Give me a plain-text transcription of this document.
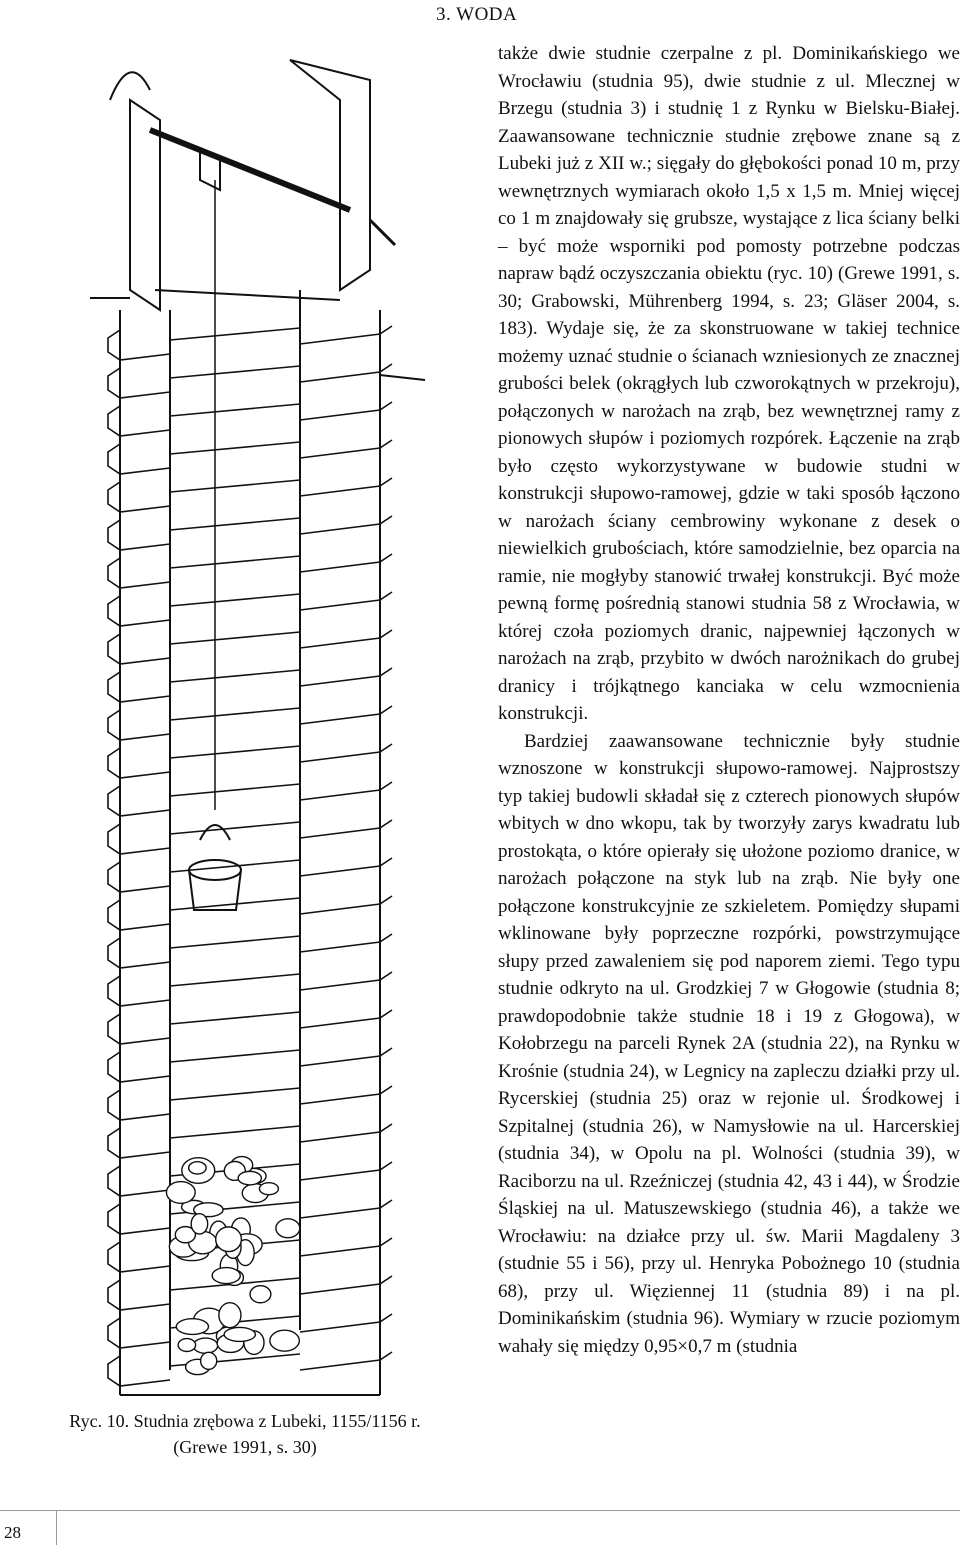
3. WODA
Ryc. 10. Studnia zrębowa z Lubeki, 1155/1156 r.
(Grewe 1991, s. 30)

także dwie studnie czerpalne z pl. Dominikańskiego we Wrocławiu (studnia 95), dwie studnie z ul. Mlecznej w Brzegu (studnia 3) i studnię 1 z Rynku w Bielsku-Białej. Zaawansowane technicznie studnie zrębowe znane są z Lubeki już z XII w.; sięgały do głębokości ponad 10 m, przy wewnętrznych wymiarach około 1,5 x 1,5 m. Mniej więcej co 1 m znajdowały się grubsze, wystające z lica ściany belki – być może wsporniki pod pomosty potrzebne podczas napraw bądź oczyszczania obiektu (ryc. 10) (Grewe 1991, s. 30; Grabowski, Mührenberg 1994, s. 23; Gläser 2004, s. 183). Wydaje się, że za skonstruowane w takiej technice możemy uznać studnie o ścianach wzniesionych ze znacznej grubości belek (okrągłych lub czworokątnych w przekroju), połączonych w narożach na zrąb, bez wewnętrznej ramy z pionowych słupów i poziomych rozpórek. Łączenie na zrąb było często wykorzystywane w budowie studni w konstrukcji słupowo-ramowej, gdzie w taki sposób łączono w narożach ściany cembrowiny wykonane z desek o niewielkich grubościach, które samodzielnie, bez oparcia na ramie, nie mogłyby stanowić trwałej konstrukcji. Być może pewną formę pośrednią stanowi studnia 58 z Wrocławia, w której czoła poziomych dranic, najpewniej łączonych w narożach na zrąb, przybito w dwóch narożnikach do grubej dranicy i trójkątnego kanciaka w celu wzmocnienia konstrukcji.

Bardziej zaawansowane technicznie były studnie wznoszone w konstrukcji słupowo-ramowej. Najprostszy typ takiej budowli składał się z czterech pionowych słupów wbitych w dno wkopu, tak by tworzyły zarys kwadratu lub prostokąta, o które opierały się ułożone poziomo dranice, w narożach połączone na styk lub na zrąb. Nie były one połączone konstrukcyjnie ze szkieletem. Pomiędzy słupami wklinowane były poprzeczne rozpórki, powstrzymujące słupy przed zawaleniem się pod naporem ziemi. Tego typu studnie odkryto na ul. Grodzkiej 7 w Głogowie (studnia 8; prawdopodobnie także studnie 18 i 19 z Głogowa), w Kołobrzegu na parceli Rynek 2A (studnia 22), na Rynku w Krośnie (studnia 24), w Legnicy na zapleczu działki przy ul. Rycerskiej (studnia 25) oraz w rejonie ul. Środkowej i Szpitalnej (studnia 26), w Namysłowie na ul. Harcerskiej (studnia 34), w Opolu na pl. Wolności (studnia 39), w Raciborzu na ul. Rzeźniczej (studnia 42, 43 i 44), w Środzie Śląskiej na ul. Matuszewskiego (studnia 46), a także we Wrocławiu: na działce przy ul. św. Marii Magdaleny 3 (studnie 55 i 56), przy ul. Henryka Pobożnego 10 (studnia 68), przy ul. Więziennej 11 (studnia 89) i na pl. Dominikańskim (studnia 96). Wymiary w rzucie poziomym wahały się między 0,95×0,7 m (studnia

28
